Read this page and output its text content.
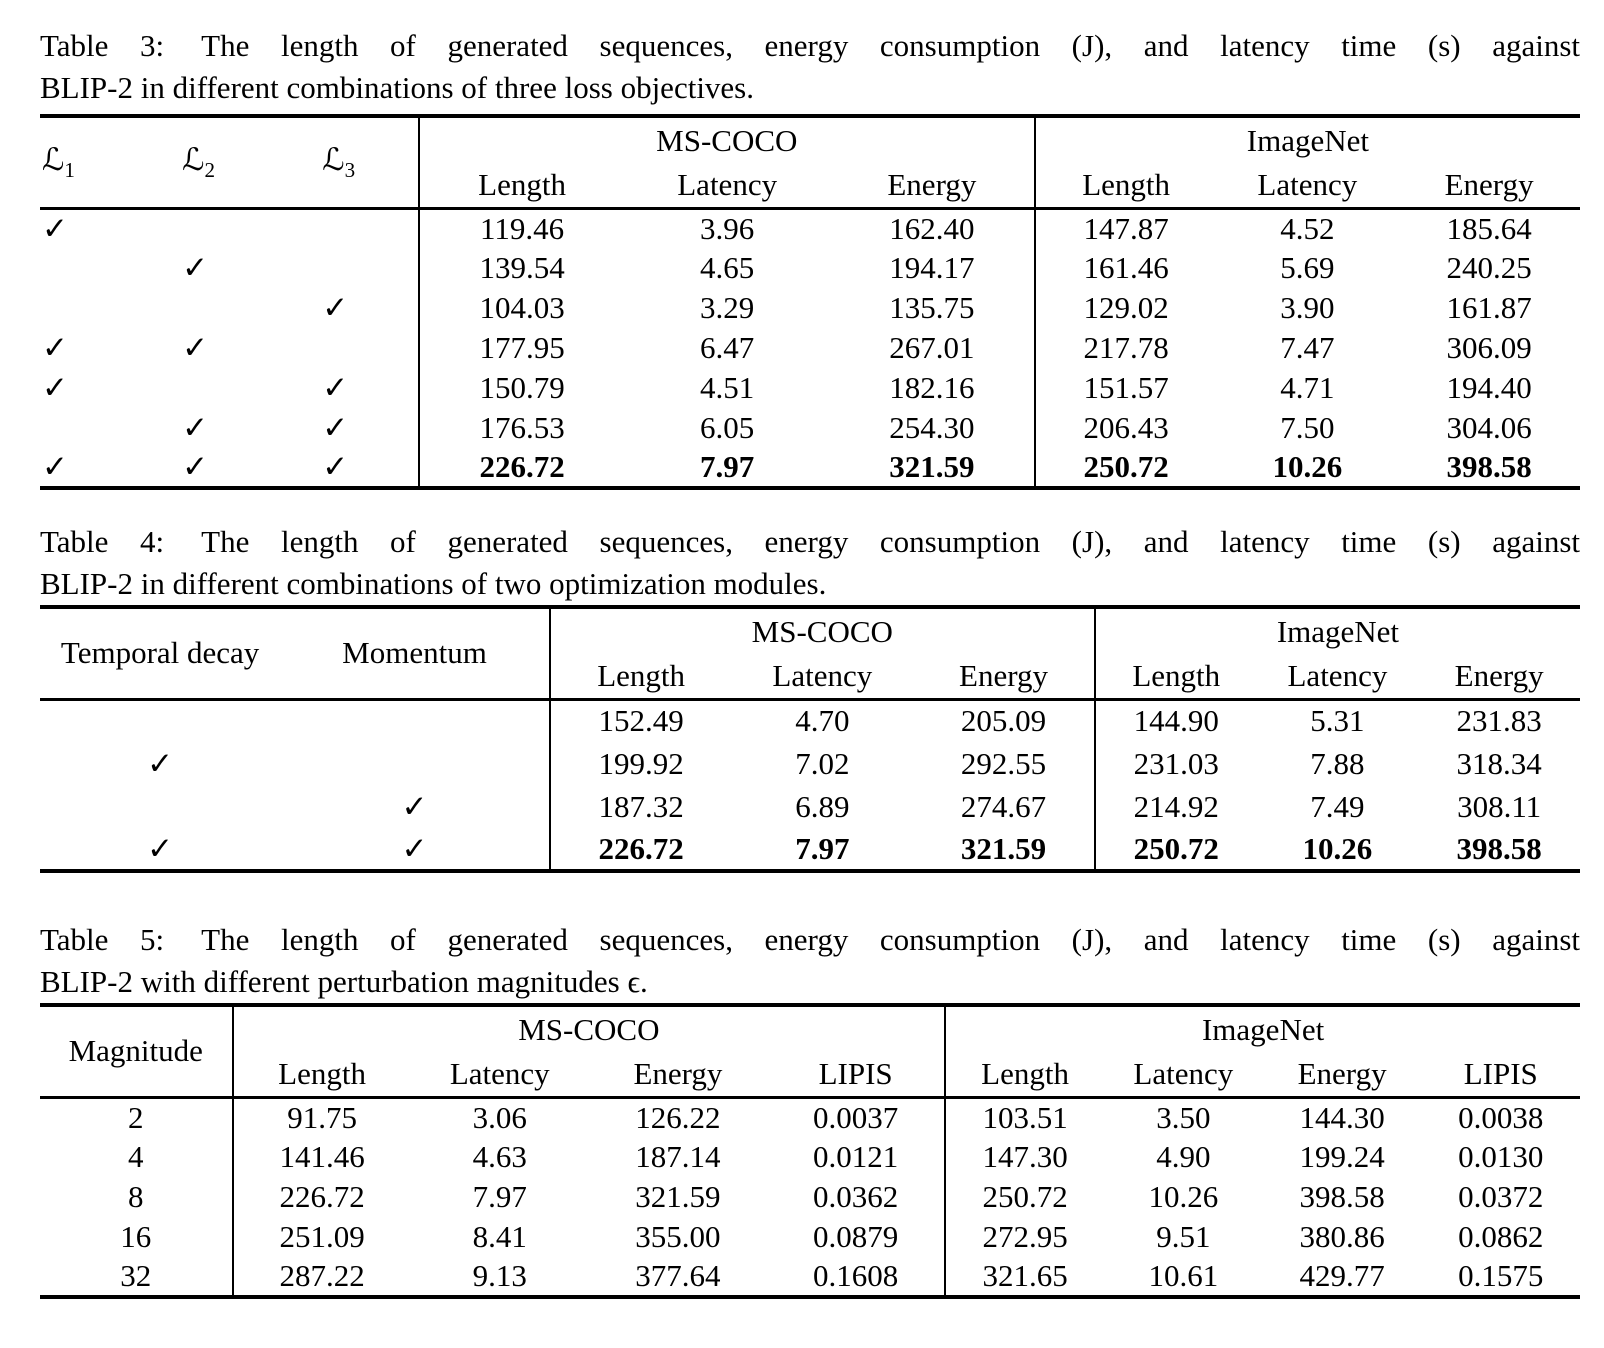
Table 3: The length of generated sequences, energy consumption (J), and latency time (s) against
BLIP-2 in different combinations of three loss objectives.
ℒ$_1$	ℒ$_2$	ℒ$_3$	MS-COCO			ImageNet		
			Length	Latency	Energy	Length	Latency	Energy
✓			119.46	3.96	162.40	147.87	4.52	185.64
	✓		139.54	4.65	194.17	161.46	5.69	240.25
		✓	104.03	3.29	135.75	129.02	3.90	161.87
✓	✓		177.95	6.47	267.01	217.78	7.47	306.09
✓		✓	150.79	4.51	182.16	151.57	4.71	194.40
	✓	✓	176.53	6.05	254.30	206.43	7.50	304.06
✓	✓	✓	226.72	7.97	321.59	250.72	10.26	398.58
Table 4: The length of generated sequences, energy consumption (J), and latency time (s) against
BLIP-2 in different combinations of two optimization modules.
Temporal decay	Momentum	MS-COCO			ImageNet		
		Length	Latency	Energy	Length	Latency	Energy
		152.49	4.70	205.09	144.90	5.31	231.83
✓		199.92	7.02	292.55	231.03	7.88	318.34
	✓	187.32	6.89	274.67	214.92	7.49	308.11
✓	✓	226.72	7.97	321.59	250.72	10.26	398.58
Table 5: The length of generated sequences, energy consumption (J), and latency time (s) against
BLIP-2 with different perturbation magnitudes ϵ.
Magnitude	MS-COCO				ImageNet			
	Length	Latency	Energy	LIPIS	Length	Latency	Energy	LIPIS
2	91.75	3.06	126.22	0.0037	103.51	3.50	144.30	0.0038
4	141.46	4.63	187.14	0.0121	147.30	4.90	199.24	0.0130
8	226.72	7.97	321.59	0.0362	250.72	10.26	398.58	0.0372
16	251.09	8.41	355.00	0.0879	272.95	9.51	380.86	0.0862
32	287.22	9.13	377.64	0.1608	321.65	10.61	429.77	0.1575
